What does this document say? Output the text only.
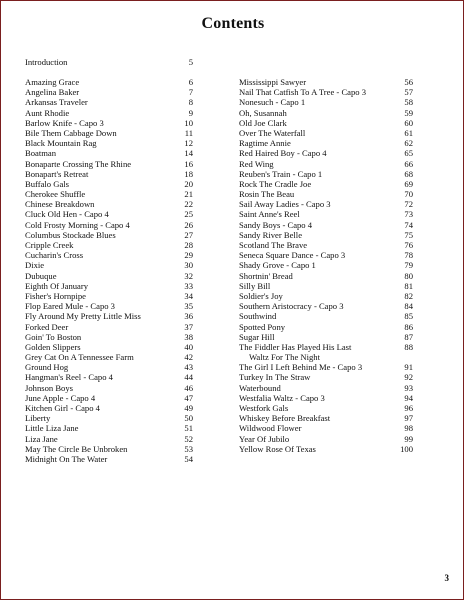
Contents
Introduction	5
Amazing Grace	6
Angelina Baker	7
Arkansas Traveler	8
Aunt Rhodie	9
Barlow Knife - Capo 3	10
Bile Them Cabbage Down	11
Black Mountain Rag	12
Boatman	14
Bonaparte Crossing The Rhine	16
Bonapart's Retreat	18
Buffalo Gals	20
Cherokee Shuffle	21
Chinese Breakdown	22
Cluck Old Hen - Capo 4	25
Cold Frosty Morning - Capo 4	26
Columbus Stockade Blues	27
Cripple Creek	28
Cucharin's Cross	29
Dixie	30
Dubuque	32
Eighth Of January	33
Fisher's Hornpipe	34
Flop Eared Mule - Capo 3	35
Fly Around My Pretty Little Miss	36
Forked Deer	37
Goin' To Boston	38
Golden Slippers	40
Grey Cat On A Tennessee Farm	42
Ground Hog	43
Hangman's Reel - Capo 4	44
Johnson Boys	46
June Apple - Capo 4	47
Kitchen Girl - Capo 4	49
Liberty	50
Little Liza Jane	51
Liza Jane	52
May The Circle Be Unbroken	53
Midnight On The Water	54
Mississippi Sawyer	56
Nail That Catfish To A Tree - Capo 3	57
Nonesuch - Capo 1	58
Oh, Susannah	59
Old Joe Clark	60
Over The Waterfall	61
Ragtime Annie	62
Red Haired Boy - Capo 4	65
Red Wing	66
Reuben's Train - Capo 1	68
Rock The Cradle Joe	69
Rosin The Beau	70
Sail Away Ladies - Capo 3	72
Saint Anne's Reel	73
Sandy Boys - Capo 4	74
Sandy River Belle	75
Scotland The Brave	76
Seneca Square Dance - Capo 3	78
Shady Grove - Capo 1	79
Shortnin' Bread	80
Silly Bill	81
Soldier's Joy	82
Southern Aristocracy - Capo 3	84
Southwind	85
Spotted Pony	86
Sugar Hill	87
The Fiddler Has Played His Last	88
Waltz For The Night
The Girl I Left Behind Me - Capo 3	91
Turkey In The Straw	92
Waterbound	93
Westfalia Waltz - Capo 3	94
Westfork Gals	96
Whiskey Before Breakfast	97
Wildwood Flower	98
Year Of Jubilo	99
Yellow Rose Of Texas	100
3
